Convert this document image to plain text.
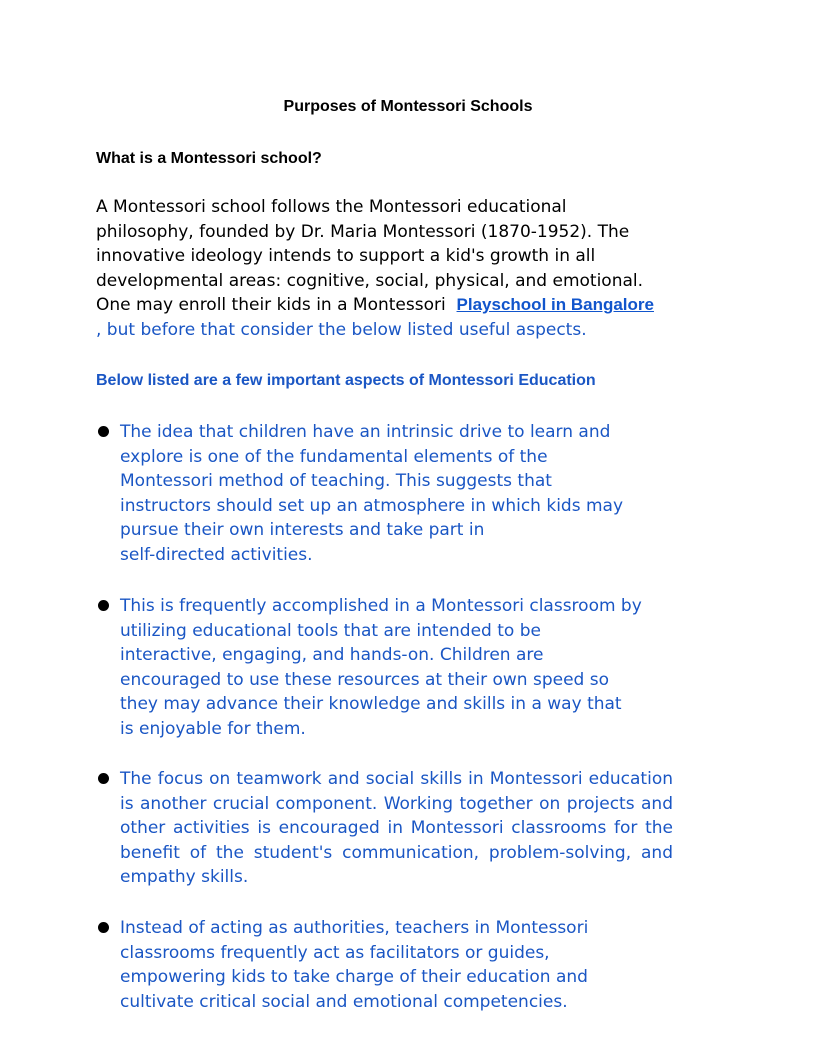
Purposes of Montessori Schools
What is a Montessori school?

A Montessori school follows the Montessori educational
philosophy, founded by Dr. Maria Montessori (1870-1952). The
innovative ideology intends to support a kid's growth in all
developmental areas: cognitive, social, physical, and emotional.
One may enroll their kids in a Montessori  Playschool in Bangalore
, but before that consider the below listed useful aspects.

Below listed are a few important aspects of Montessori Education

The idea that children have an intrinsic drive to learn and
explore is one of the fundamental elements of the
Montessori method of teaching. This suggests that
instructors should set up an atmosphere in which kids may
pursue their own interests and take part in
self-directed activities.

This is frequently accomplished in a Montessori classroom by
utilizing educational tools that are intended to be
interactive, engaging, and hands-on. Children are
encouraged to use these resources at their own speed so
they may advance their knowledge and skills in a way that
is enjoyable for them.

The focus on teamwork and social skills in Montessori education is another crucial component. Working together on projects and other activities is encouraged in Montessori classrooms for the benefit of the student's communication, problem-solving, and empathy skills.

Instead of acting as authorities, teachers in Montessori
classrooms frequently act as facilitators or guides,
empowering kids to take charge of their education and
cultivate critical social and emotional competencies.
